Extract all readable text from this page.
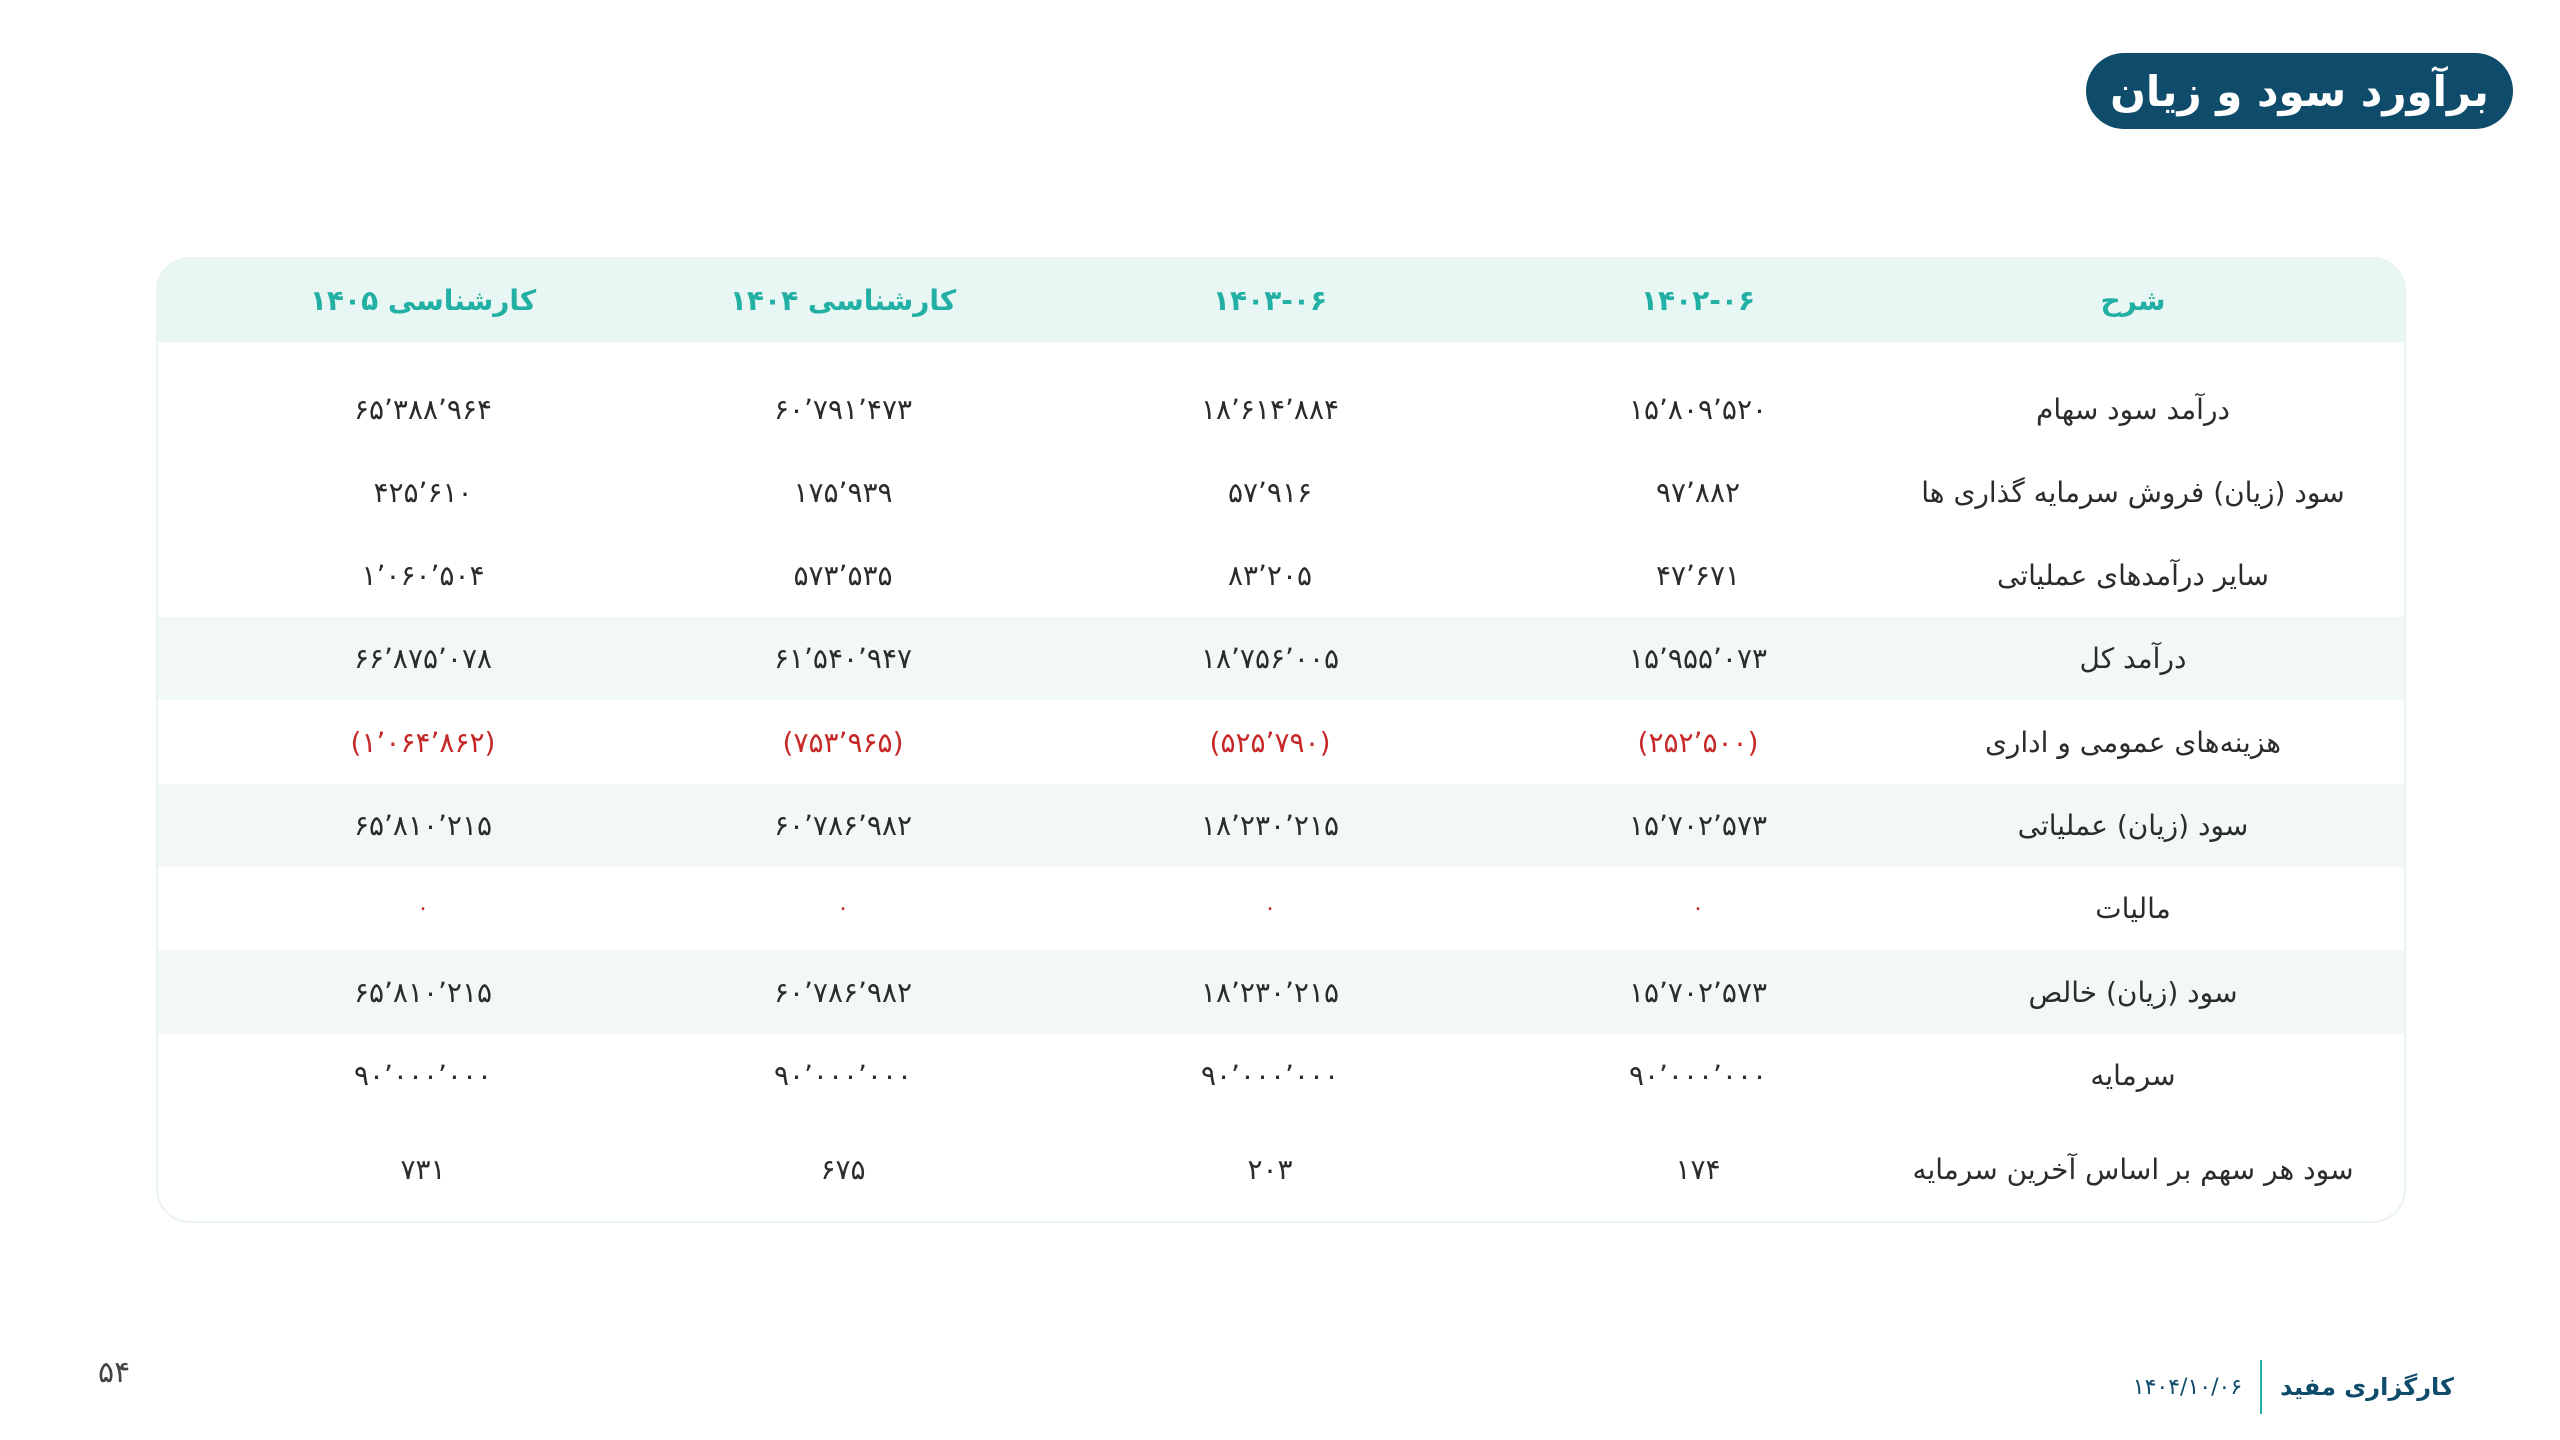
برآورد سود و زیان
شرح
۱۴۰۲-۰۶
۱۴۰۳-۰۶
کارشناسی ۱۴۰۴
کارشناسی ۱۴۰۵
درآمد سود سهام
۱۵٬۸۰۹٬۵۲۰
۱۸٬۶۱۴٬۸۸۴
۶۰٬۷۹۱٬۴۷۳
۶۵٬۳۸۸٬۹۶۴
سود (زیان) فروش سرمایه گذاری ها
۹۷٬۸۸۲
۵۷٬۹۱۶
۱۷۵٬۹۳۹
۴۲۵٬۶۱۰
سایر درآمدهای عملیاتی
۴۷٬۶۷۱
۸۳٬۲۰۵
۵۷۳٬۵۳۵
۱٬۰۶۰٬۵۰۴
درآمد کل
۱۵٬۹۵۵٬۰۷۳
۱۸٬۷۵۶٬۰۰۵
۶۱٬۵۴۰٬۹۴۷
۶۶٬۸۷۵٬۰۷۸
هزینه‌های عمومی و اداری
(۲۵۲٬۵۰۰)
(۵۲۵٬۷۹۰)
(۷۵۳٬۹۶۵)
(۱٬۰۶۴٬۸۶۲)
سود (زیان) عملیاتی
۱۵٬۷۰۲٬۵۷۳
۱۸٬۲۳۰٬۲۱۵
۶۰٬۷۸۶٬۹۸۲
۶۵٬۸۱۰٬۲۱۵
مالیات
۰
۰
۰
۰
سود (زیان) خالص
۱۵٬۷۰۲٬۵۷۳
۱۸٬۲۳۰٬۲۱۵
۶۰٬۷۸۶٬۹۸۲
۶۵٬۸۱۰٬۲۱۵
سرمایه
۹۰٬۰۰۰٬۰۰۰
۹۰٬۰۰۰٬۰۰۰
۹۰٬۰۰۰٬۰۰۰
۹۰٬۰۰۰٬۰۰۰
سود هر سهم بر اساس آخرین سرمایه
۱۷۴
۲۰۳
۶۷۵
۷۳۱
۵۴	کارگزاری مفید
۱۴۰۴/۱۰/۰۶
